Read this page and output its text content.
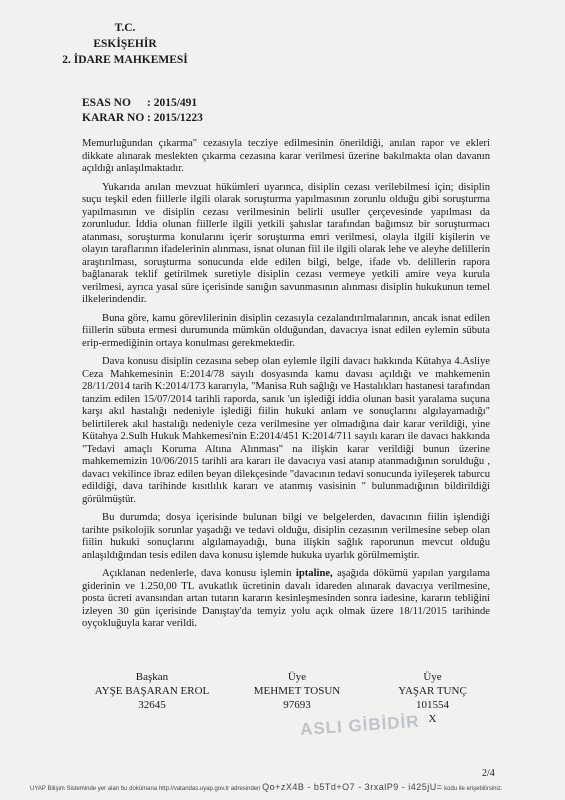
T.C.
ESKİŞEHİR
2. İDARE MAHKEMESİ
ESAS NO	: 2015/491
KARAR NO : 2015/1223

Memurluğundan çıkarma" cezasıyla tecziye edilmesinin önerildiği, anılan rapor ve ekleri dikkate alınarak meslekten çıkarma cezasına karar verilmesi üzerine bakılmakta olan davanın açıldığı anlaşılmaktadır.

Yukarıda anılan mevzuat hükümleri uyarınca, disiplin cezası verilebilmesi için; disiplin suçu teşkil eden fiillerle ilgili olarak soruşturma yapılmasının zorunlu olduğu gibi soruşturma yapılmasının ve disiplin cezası verilmesinin belirli usuller çerçevesinde yapılması da zorunludur. İddia olunan fiillerle ilgili yetkili şahıslar tarafından bağımsız bir soruşturmacı atanması, soruşturma konularını içerir soruşturma emri verilmesi, olayla ilgili kişilerin ve olayın taraflarının ifadelerinin alınması, isnat olunan fiil ile ilgili olarak lehe ve aleyhe delillerin araştırılması, soruşturma sonucunda elde edilen bilgi, belge, ifade vb. delillerin rapora bağlanarak teklif getirilmek suretiyle disiplin cezası vermeye yetkili amire veya kurula verilmesi, ayrıca yasal süre içerisinde sanığın savunmasının alınması disiplin hukukunun temel ilkelerindendir.

Buna göre, kamu görevlilerinin disiplin cezasıyla cezalandırılmalarının, ancak isnat edilen fiillerin sübuta ermesi durumunda mümkün olduğundan, davacıya isnat edilen eylemin sübuta erip-ermediğinin ortaya konulması gerekmektedir.

Dava konusu disiplin cezasına sebep olan eylemle ilgili davacı hakkında Kütahya 4.Asliye Ceza Mahkemesinin E:2014/78 sayılı dosyasında kamu davası açıldığı ve mahkemenin 28/11/2014 tarih K:2014/173 kararıyla, "Manisa Ruh sağlığı ve Hastalıkları hastanesi tarafından tanzim edilen 15/07/2014 tarihli raporda, sanık 'un işlediği iddia olunan basit yaralama suçuna karşı akıl hastalığı nedeniyle işlediği fiilin hukuki anlam ve sonuçlarını algılayamadığı" belirtilerek akıl hastalığı nedeniyle ceza verilmesine yer olmadığına dair karar verildiği, yine Kütahya 2.Sulh Hukuk Mahkemesi'nin E:2014/451 K:2014/711 sayılı kararı ile davacı hakkında "Tedavi amaçlı Koruma Altına Alınması" na ilişkin karar verildiği bunun üzerine mahkememizin 10/06/2015 tarihli ara kararı ile davacıya vasi atanıp atanmadığının sorulduğu , davacı vekilince ibraz edilen beyan dilekçesinde "davacının tedavi sonucunda iyileşerek taburcu edildiği, dava tarihinde kısıtlılık kararı ve atanmış vasisinin " bulunmadığının bildirildiği görülmüştür.

Bu durumda; dosya içerisinde bulunan bilgi ve belgelerden, davacının fiilin işlendiği tarihte psikolojik sorunlar yaşadığı ve tedavi olduğu, disiplin cezasının verilmesine sebep olan fiilin hukuki sonuçlarını algılamayadığı, buna ilişkin sağlık raporunun mevcut olduğu anlaşıldığından tesis edilen dava konusu işlemde hukuka uyarlık görülmemiştir.

Açıklanan nedenlerle, dava konusu işlemin iptaline, aşağıda dökümü yapılan yargılama giderinin ve 1.250,00 TL avukatlık ücretinin davalı idareden alınarak davacıya verilmesine, posta ücreti avansından artan tutarın kararın kesinleşmesinden sonra iadesine, kararın tebliğini izleyen 30 gün içerisinde Danıştay'da temyiz yolu açık olmak üzere 18/11/2015 tarihinde oyçokluğuyla karar verildi.

Başkan
AYŞE BAŞARAN EROL
32645
Üye
MEHMET TOSUN
97693
Üye
YAŞAR TUNÇ
101554
X
ASLI GİBİDİR
2/4
UYAP Bilişim Sisteminde yer alan bu dokümana http://vatandas.uyap.gov.tr adresinden Qo+zX4B - b5Td+O7 - 3rxalP9 - i425jU= kodu ile erişebilirsiniz.
